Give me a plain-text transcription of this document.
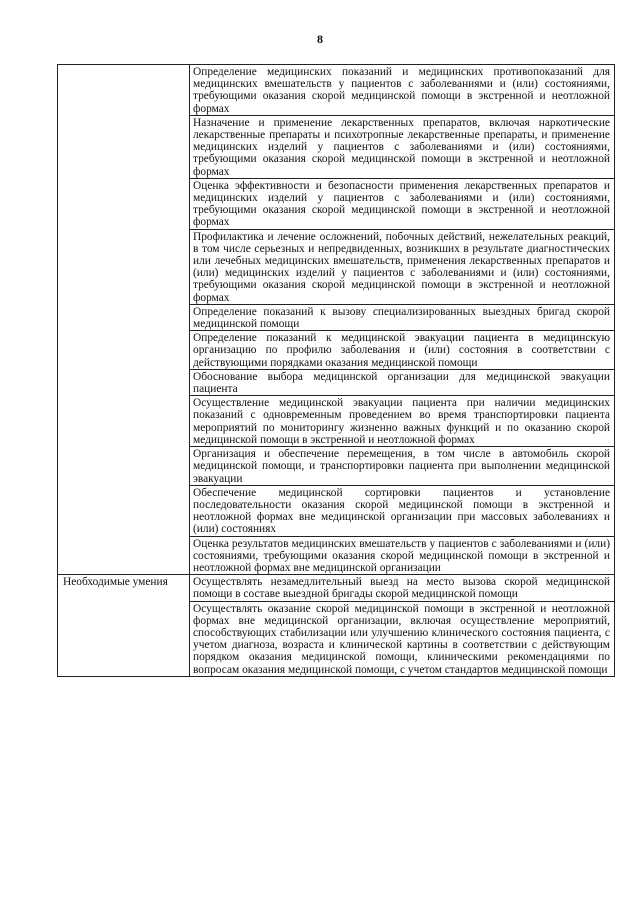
8
	Определение медицинских показаний и медицинских противопоказаний для медицинских вмешательств у пациентов с заболеваниями и (или) состояниями, требующими оказания скорой медицинской помощи в экстренной и неотложной формах
	Назначение и применение лекарственных препаратов, включая наркотические лекарственные препараты и психотропные лекарственные препараты, и применение медицинских изделий у пациентов с заболеваниями и (или) состояниями, требующими оказания скорой медицинской помощи в экстренной и неотложной формах
	Оценка эффективности и безопасности применения лекарственных препаратов и медицинских изделий у пациентов с заболеваниями и (или) состояниями, требующими оказания скорой медицинской помощи в экстренной и неотложной формах
	Профилактика и лечение осложнений, побочных действий, нежелательных реакций, в том числе серьезных и непредвиденных, возникших в результате диагностических или лечебных медицинских вмешательств, применения лекарственных препаратов и (или) медицинских изделий у пациентов с заболеваниями и (или) состояниями, требующими оказания скорой медицинской помощи в экстренной и неотложной формах
	Определение показаний к вызову специализированных выездных бригад скорой медицинской помощи
	Определение показаний к медицинской эвакуации пациента в медицинскую организацию по профилю заболевания и (или) состояния в соответствии с действующими порядками оказания медицинской помощи
	Обоснование выбора медицинской организации для медицинской эвакуации пациента
	Осуществление медицинской эвакуации пациента при наличии медицинских показаний с одновременным проведением во время транспортировки пациента мероприятий по мониторингу жизненно важных функций и по оказанию скорой медицинской помощи в экстренной и неотложной формах
	Организация и обеспечение перемещения, в том числе в автомобиль скорой медицинской помощи, и транспортировки пациента при выполнении медицинской эвакуации
	Обеспечение медицинской сортировки пациентов и установление последовательности оказания скорой медицинской помощи в экстренной и неотложной формах вне медицинской организации при массовых заболеваниях и (или) состояниях
	Оценка результатов медицинских вмешательств у пациентов с заболеваниями и (или) состояниями, требующими оказания скорой медицинской помощи в экстренной и неотложной формах вне медицинской организации

Необходимые умения	Осуществлять незамедлительный выезд на место вызова скорой медицинской помощи в составе выездной бригады скорой медицинской помощи
	Осуществлять оказание скорой медицинской помощи в экстренной и неотложной формах вне медицинской организации, включая осуществление мероприятий, способствующих стабилизации или улучшению клинического состояния пациента, с учетом диагноза, возраста и клинической картины в соответствии с действующим порядком оказания медицинской помощи, клиническими рекомендациями по вопросам оказания медицинской помощи, с учетом стандартов медицинской помощи
